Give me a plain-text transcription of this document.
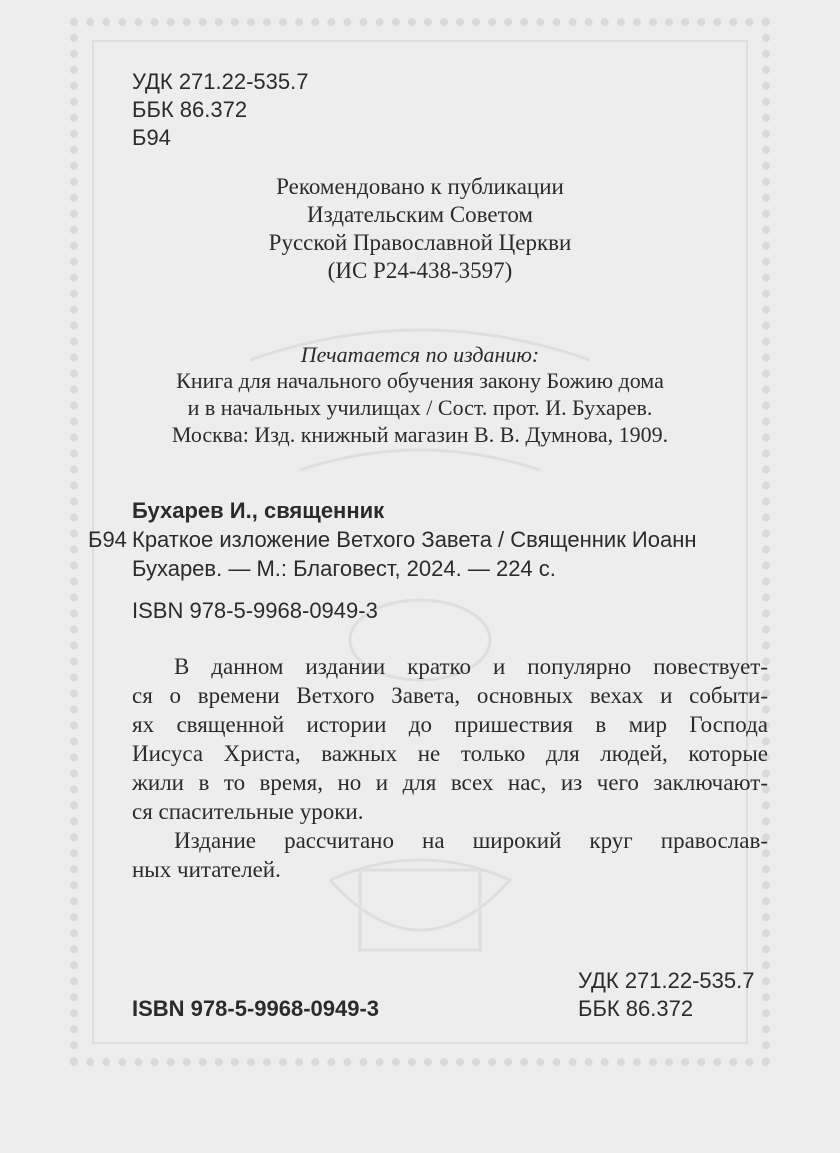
УДК 271.22-535.7

ББК 86.372

Б94

Рекомендовано к публикации

Издательским Советом

Русской Православной Церкви

(ИС Р24-438-3597)

Печатается по изданию:

Книга для начального обучения закону Божию дома

и в начальных училищах / Сост. прот. И. Бухарев.

Москва: Изд. книжный магазин В. В. Думнова, 1909.

Бухарев И., священник

Б94 Краткое изложение Ветхого Завета / Священник Иоанн

Бухарев. — М.: Благовест, 2024. — 224 с.

ISBN 978-5-9968-0949-3

В данном издании кратко и популярно повествует-

ся о времени Ветхого Завета, основных вехах и событи-

ях священной истории до пришествия в мир Господа

Иисуса Христа, важных не только для людей, которые

жили в то время, но и для всех нас, из чего заключают-

ся спасительные уроки.

Издание рассчитано на широкий круг православ-

ных читателей.

УДК 271.22-535.7

ISBN 978-5-9968-0949-3	ББК 86.372
